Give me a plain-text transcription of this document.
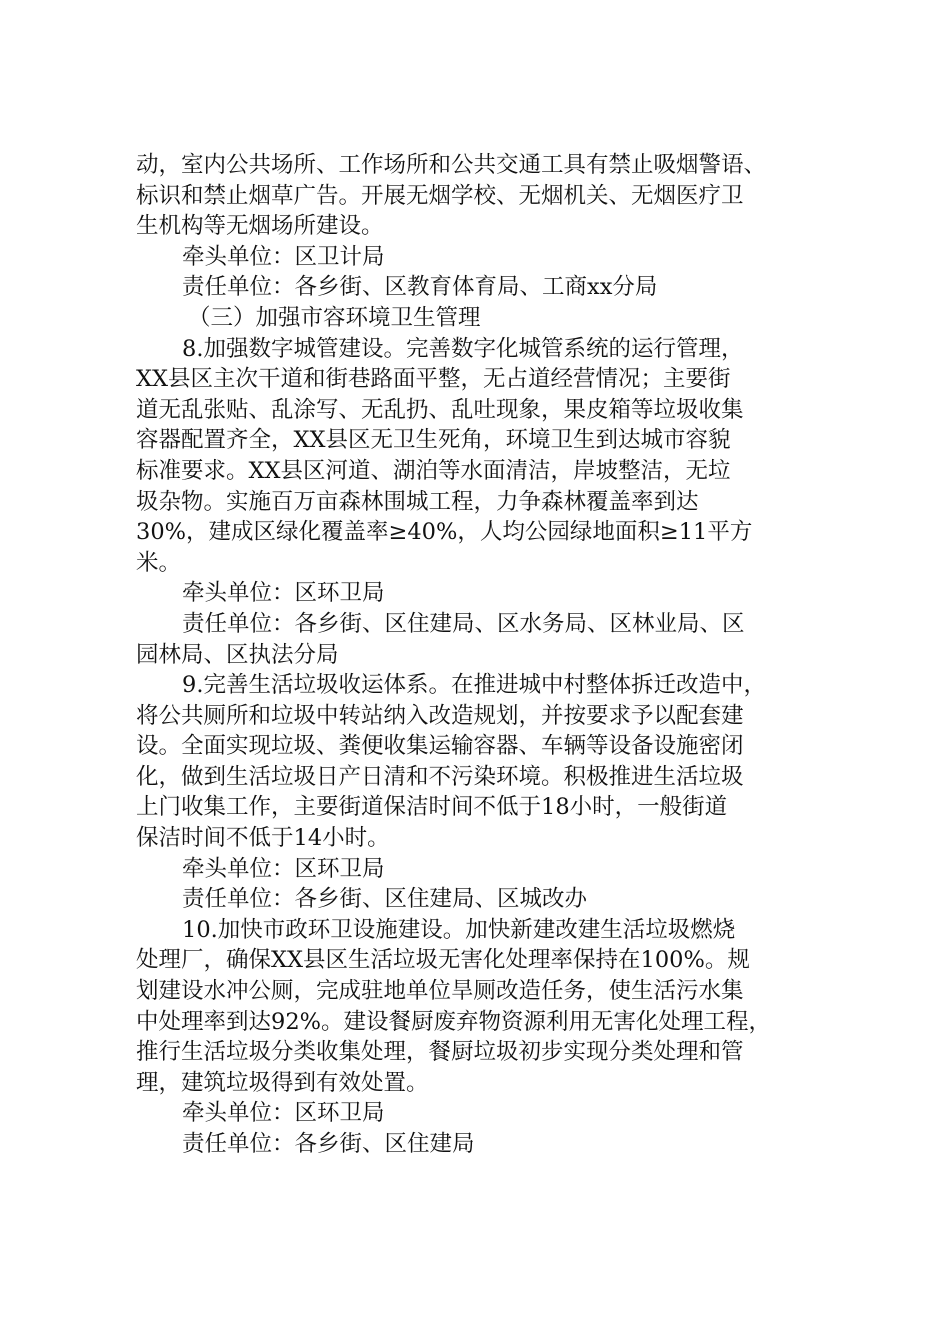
动，室内公共场所、工作场所和公共交通工具有禁止吸烟警语、

标识和禁止烟草广告。开展无烟学校、无烟机关、无烟医疗卫

生机构等无烟场所建设。

牵头单位：区卫计局

责任单位：各乡街、区教育体育局、工商xx分局

（三）加强市容环境卫生管理

8.加强数字城管建设。完善数字化城管系统的运行管理，

XX县区主次干道和街巷路面平整，无占道经营情况；主要街

道无乱张贴、乱涂写、无乱扔、乱吐现象，果皮箱等垃圾收集

容器配置齐全，XX县区无卫生死角，环境卫生到达城市容貌

标准要求。XX县区河道、湖泊等水面清洁，岸坡整洁，无垃

圾杂物。实施百万亩森林围城工程，力争森林覆盖率到达

30%，建成区绿化覆盖率≥40%，人均公园绿地面积≥11平方

米。

牵头单位：区环卫局

责任单位：各乡街、区住建局、区水务局、区林业局、区

园林局、区执法分局

9.完善生活垃圾收运体系。在推进城中村整体拆迁改造中，

将公共厕所和垃圾中转站纳入改造规划，并按要求予以配套建

设。全面实现垃圾、粪便收集运输容器、车辆等设备设施密闭

化，做到生活垃圾日产日清和不污染环境。积极推进生活垃圾

上门收集工作，主要街道保洁时间不低于18小时，一般街道

保洁时间不低于14小时。

牵头单位：区环卫局

责任单位：各乡街、区住建局、区城改办

10.加快市政环卫设施建设。加快新建改建生活垃圾燃烧

处理厂，确保XX县区生活垃圾无害化处理率保持在100%。规

划建设水冲公厕，完成驻地单位旱厕改造任务，使生活污水集

中处理率到达92%。建设餐厨废弃物资源利用无害化处理工程，

推行生活垃圾分类收集处理，餐厨垃圾初步实现分类处理和管

理，建筑垃圾得到有效处置。

牵头单位：区环卫局

责任单位：各乡街、区住建局
